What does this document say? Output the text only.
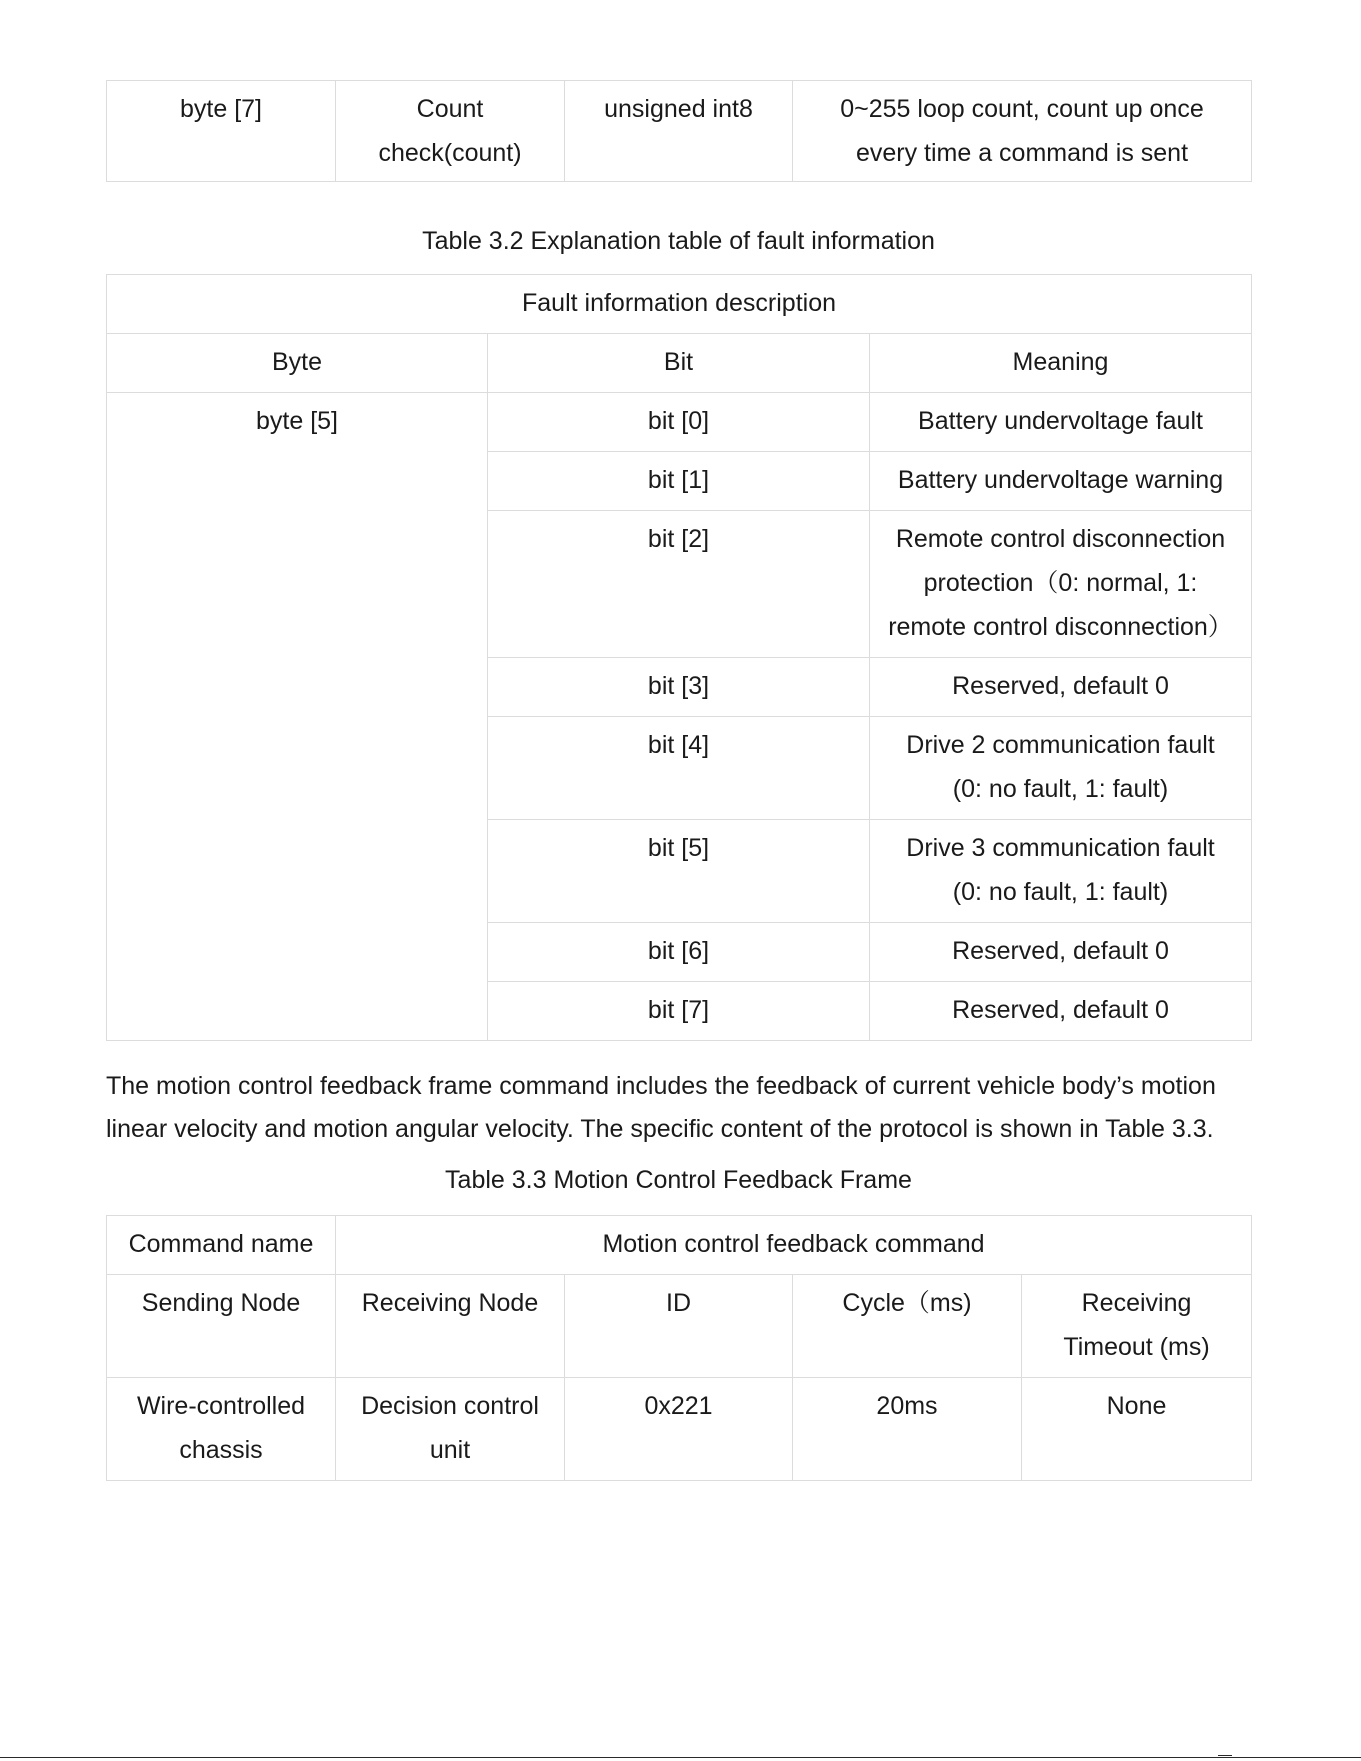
byte [7]	Count check(count)	unsigned int8	0~255 loop count, count up once every time a command is sent

Table 3.2 Explanation table of fault information

Fault information description		
Byte	Bit	Meaning
byte [5]	bit [0]	Battery undervoltage fault
	bit [1]	Battery undervoltage warning
	bit [2]	Remote control disconnection protection（0: normal, 1: remote control disconnection）
	bit [3]	Reserved, default 0
	bit [4]	Drive 2 communication fault (0: no fault, 1: fault)
	bit [5]	Drive 3 communication fault (0: no fault, 1: fault)
	bit [6]	Reserved, default 0
	bit [7]	Reserved, default 0

The motion control feedback frame command includes the feedback of current vehicle body’s motion linear velocity and motion angular velocity. The specific content of the protocol is shown in Table 3.3.

Table 3.3 Motion Control Feedback Frame

Command name	Motion control feedback command			
Sending Node	Receiving Node	ID	Cycle（ms)	Receiving Timeout (ms)
Wire-controlled chassis	Decision control unit	0x221	20ms	None
